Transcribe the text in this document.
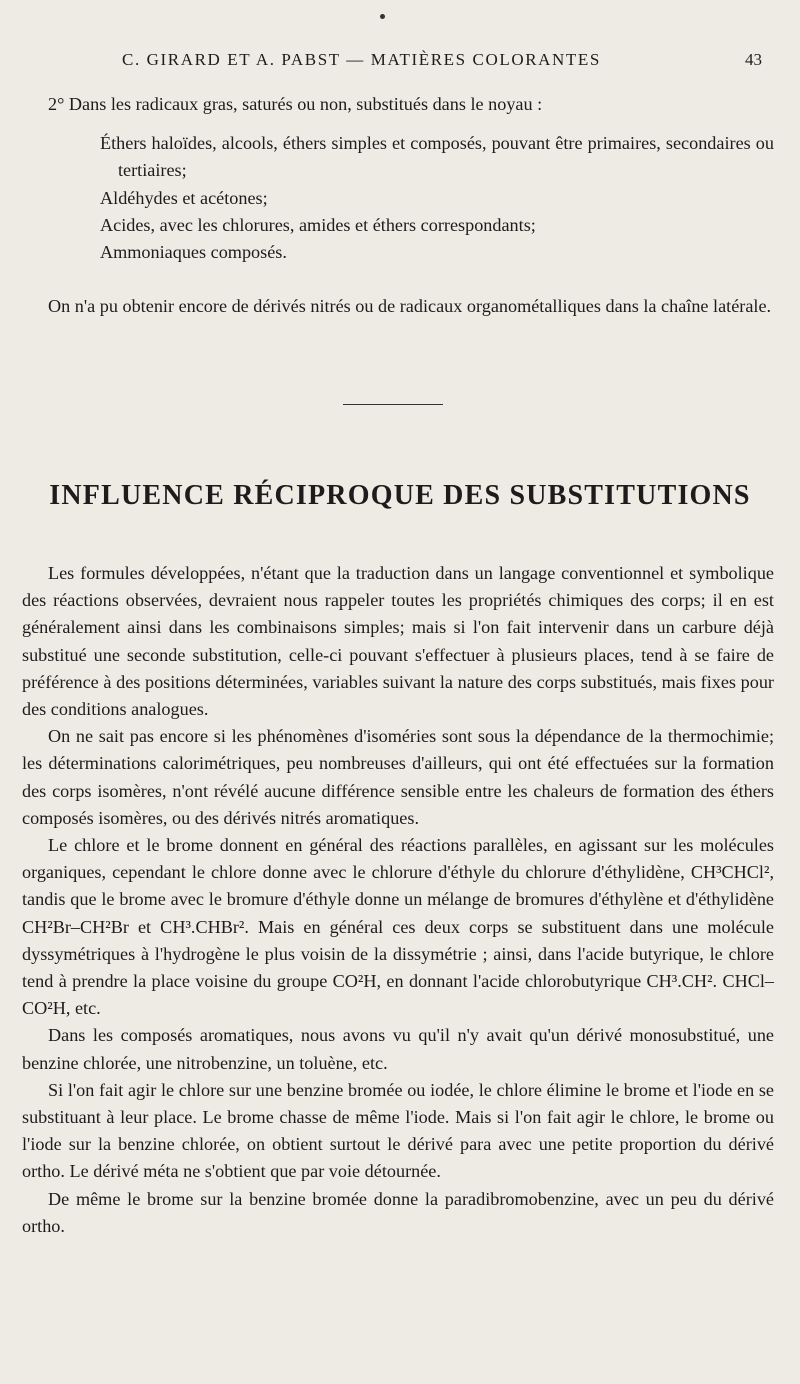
C. GIRARD ET A. PABST — MATIÈRES COLORANTES	43

2° Dans les radicaux gras, saturés ou non, substitués dans le noyau :

Éthers haloïdes, alcools, éthers simples et composés, pouvant être primaires, secondaires ou tertiaires;

Aldéhydes et acétones;

Acides, avec les chlorures, amides et éthers correspondants;

Ammoniaques composés.

On n'a pu obtenir encore de dérivés nitrés ou de radicaux organométalliques dans la chaîne latérale.

INFLUENCE RÉCIPROQUE DES SUBSTITUTIONS

Les formules développées, n'étant que la traduction dans un langage conventionnel et symbolique des réactions observées, devraient nous rappeler toutes les propriétés chimiques des corps; il en est généralement ainsi dans les combinaisons simples; mais si l'on fait intervenir dans un carbure déjà substitué une seconde substitution, celle-ci pouvant s'effectuer à plusieurs places, tend à se faire de préférence à des positions déterminées, variables suivant la nature des corps substitués, mais fixes pour des conditions analogues.

On ne sait pas encore si les phénomènes d'isoméries sont sous la dépendance de la thermochimie; les déterminations calorimétriques, peu nombreuses d'ailleurs, qui ont été effectuées sur la formation des corps isomères, n'ont révélé aucune différence sensible entre les chaleurs de formation des éthers composés isomères, ou des dérivés nitrés aromatiques.

Le chlore et le brome donnent en général des réactions parallèles, en agissant sur les molécules organiques, cependant le chlore donne avec le chlorure d'éthyle du chlorure d'éthylidène, CH³CHCl², tandis que le brome avec le bromure d'éthyle donne un mélange de bromures d'éthylène et d'éthylidène CH²Br–CH²Br et CH³.CHBr². Mais en général ces deux corps se substituent dans une molécule dyssymétriques à l'hydrogène le plus voisin de la dissymétrie ; ainsi, dans l'acide butyrique, le chlore tend à prendre la place voisine du groupe CO²H, en donnant l'acide chlorobutyrique CH³.CH². CHCl–CO²H, etc.

Dans les composés aromatiques, nous avons vu qu'il n'y avait qu'un dérivé monosubstitué, une benzine chlorée, une nitrobenzine, un toluène, etc.

Si l'on fait agir le chlore sur une benzine bromée ou iodée, le chlore élimine le brome et l'iode en se substituant à leur place. Le brome chasse de même l'iode. Mais si l'on fait agir le chlore, le brome ou l'iode sur la benzine chlorée, on obtient surtout le dérivé para avec une petite proportion du dérivé ortho. Le dérivé méta ne s'obtient que par voie détournée.

De même le brome sur la benzine bromée donne la paradibromobenzine, avec un peu du dérivé ortho.
